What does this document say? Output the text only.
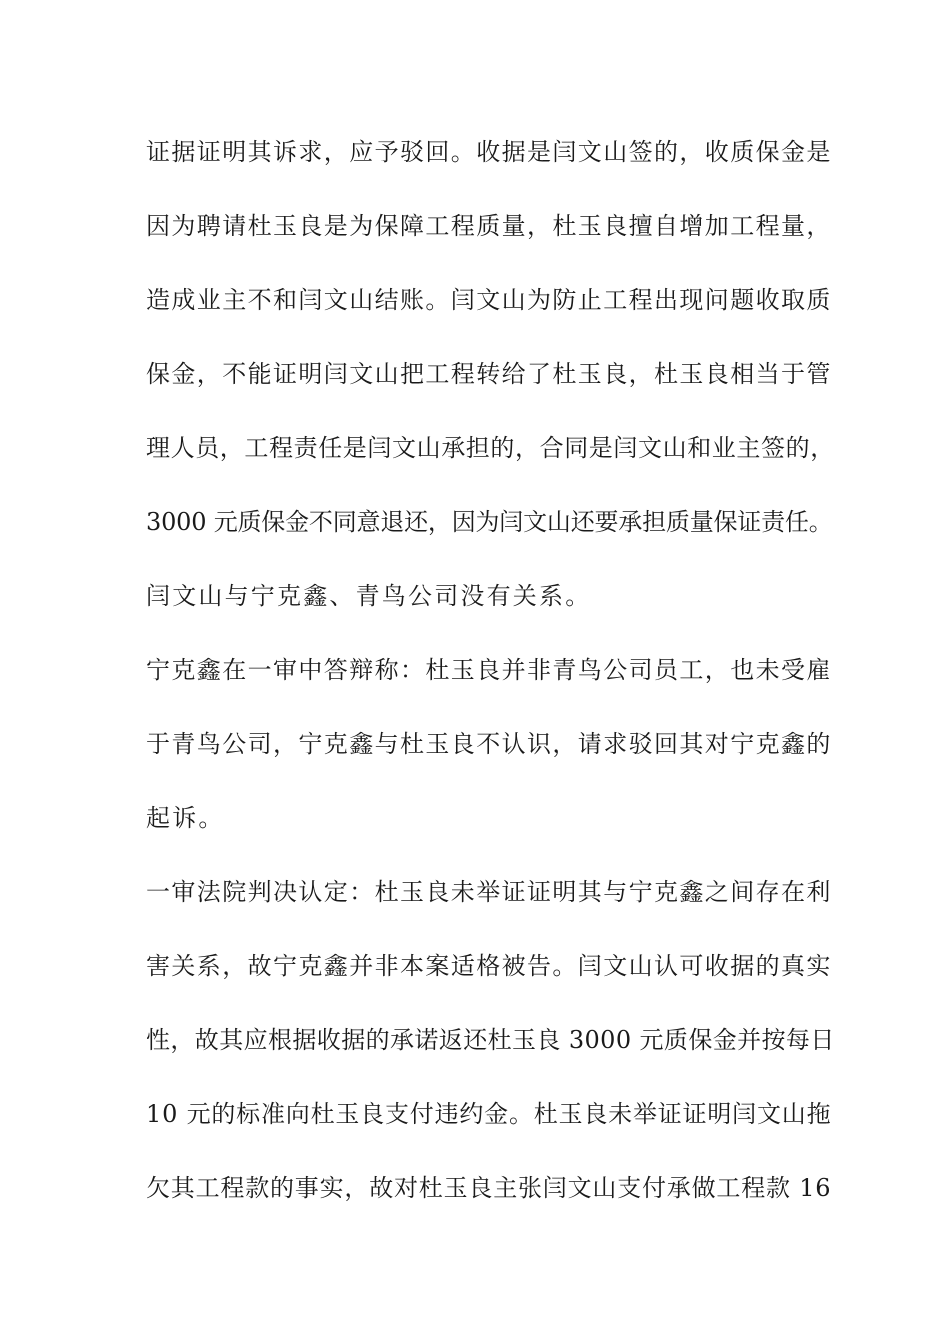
证据证明其诉求，应予驳回。收据是闫文山签的，收质保金是
因为聘请杜玉良是为保障工程质量，杜玉良擅自增加工程量，
造成业主不和闫文山结账。闫文山为防止工程出现问题收取质
保金，不能证明闫文山把工程转给了杜玉良，杜玉良相当于管
理人员，工程责任是闫文山承担的，合同是闫文山和业主签的，
3000 元质保金不同意退还，因为闫文山还要承担质量保证责任。
闫文山与宁克鑫、青鸟公司没有关系。
宁克鑫在一审中答辩称：杜玉良并非青鸟公司员工，也未受雇
于青鸟公司，宁克鑫与杜玉良不认识，请求驳回其对宁克鑫的
起诉。
一审法院判决认定：杜玉良未举证证明其与宁克鑫之间存在利
害关系，故宁克鑫并非本案适格被告。闫文山认可收据的真实
性，故其应根据收据的承诺返还杜玉良 3000 元质保金并按每日
10 元的标准向杜玉良支付违约金。杜玉良未举证证明闫文山拖
欠其工程款的事实，故对杜玉良主张闫文山支付承做工程款 16
